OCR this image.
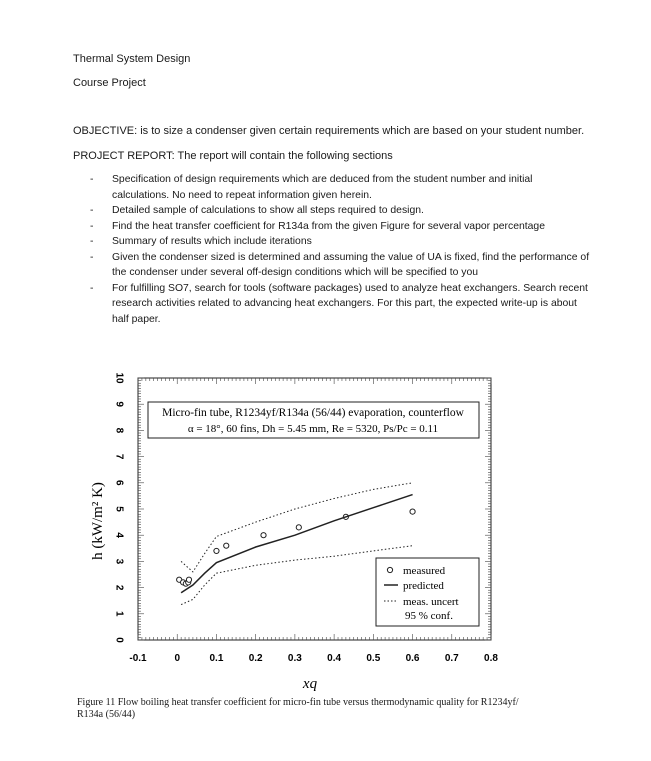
Thermal System Design
Course Project
OBJECTIVE: is to size a condenser given certain requirements which are based on your student number.
PROJECT REPORT: The report will contain the following sections
- Specification of design requirements which are deduced from the student number and initial calculations. No need to repeat information given herein.
- Detailed sample of calculations to show all steps required to design.
- Find the heat transfer coefficient for R134a from the given Figure for several vapor percentage
- Summary of results which include iterations
- Given the condenser sized is determined and assuming the value of UA is fixed, find the performance of the condenser under several off-design conditions which will be specified to you
- For fulfilling SO7, search for tools (software packages) used to analyze heat exchangers. Search recent research activities related to advancing heat exchangers. For this part, the expected write-up is about half paper.
-0.1	0	0.1	0.2	0.3	0.4	0.5	0.6	0.7	0.8
0
1
2
3
4
5
6
7
8
9
10
Micro-fin tube, R1234yf/R134a (56/44) evaporation, counterflow
α = 18°, 60 fins, Dh = 5.45 mm, Re = 5320, Ps/Pc = 0.11
measured
predicted
meas. uncert
95 % conf.
h (kW/m² K)
xq
Figure 11 Flow boiling heat transfer coefficient for micro-fin tube versus thermodynamic quality for R1234yf/ R134a (56/44)
